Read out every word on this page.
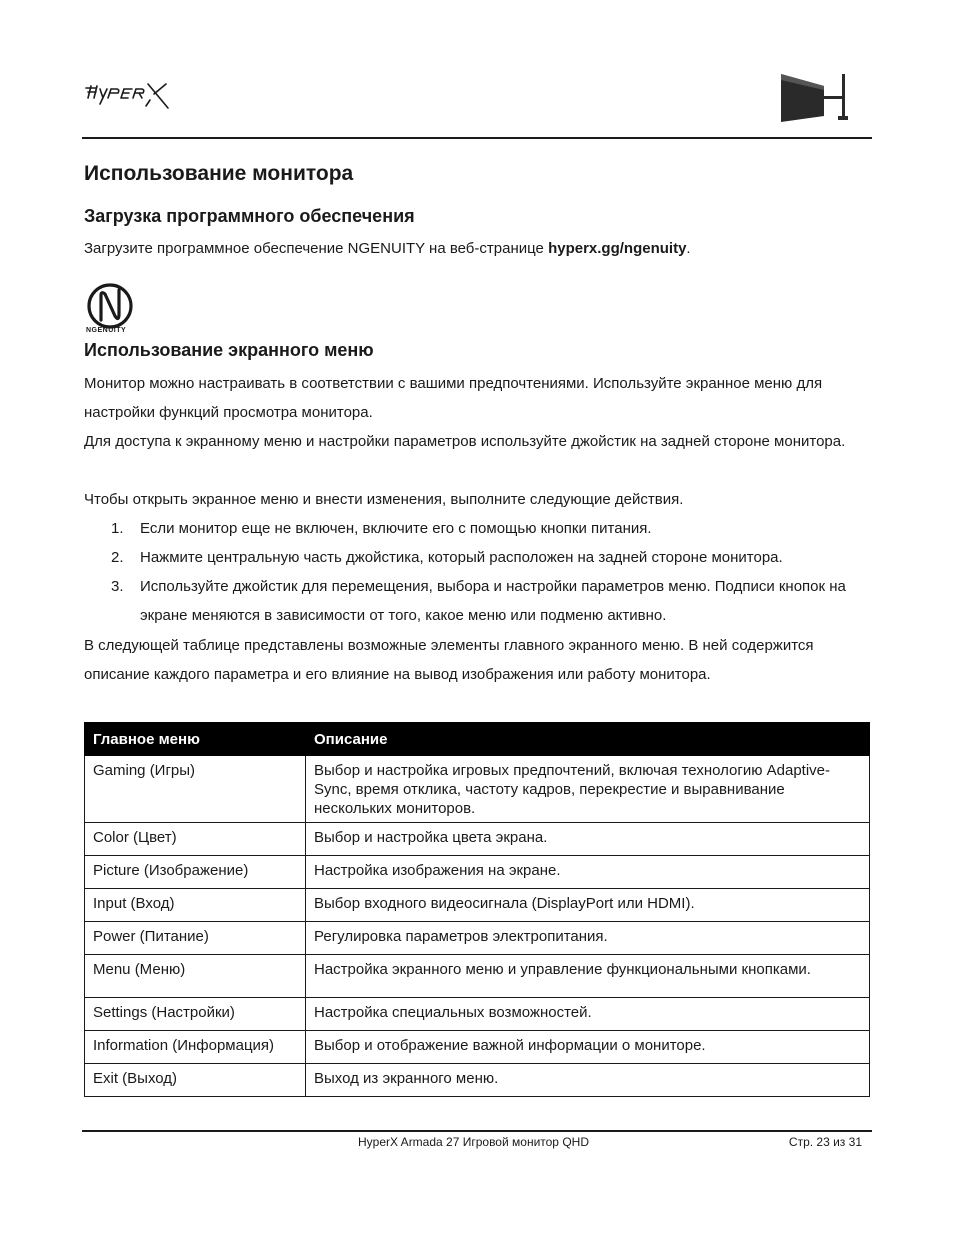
Использование монитора
Загрузка программного обеспечения

Загрузите программное обеспечение NGENUITY на веб-странице hyperx.gg/ngenuity.

NGENUITY
Использование экранного меню

Монитор можно настраивать в соответствии с вашими предпочтениями. Используйте экранное меню для настройки функций просмотра монитора.

Для доступа к экранному меню и настройки параметров используйте джойстик на задней стороне монитора.

Чтобы открыть экранное меню и внести изменения, выполните следующие действия.

1. Если монитор еще не включен, включите его с помощью кнопки питания.
2. Нажмите центральную часть джойстика, который расположен на задней стороне монитора.
3. Используйте джойстик для перемещения, выбора и настройки параметров меню. Подписи кнопок на экране меняются в зависимости от того, какое меню или подменю активно.

В следующей таблице представлены возможные элементы главного экранного меню. В ней содержится описание каждого параметра и его влияние на вывод изображения или работу монитора.

Главное меню	Описание
Gaming (Игры)	Выбор и настройка игровых предпочтений, включая технологию Adaptive-Sync, время отклика, частоту кадров, перекрестие и выравнивание нескольких мониторов.
Color (Цвет)	Выбор и настройка цвета экрана.
Picture (Изображение)	Настройка изображения на экране.
Input (Вход)	Выбор входного видеосигнала (DisplayPort или HDMI).
Power (Питание)	Регулировка параметров электропитания.
Menu (Меню)	Настройка экранного меню и управление функциональными кнопками.
Settings (Настройки)	Настройка специальных возможностей.
Information (Информация)	Выбор и отображение важной информации о мониторе.
Exit (Выход)	Выход из экранного меню.
HyperX Armada 27 Игровой монитор QHD	Стр. 23 из 31
